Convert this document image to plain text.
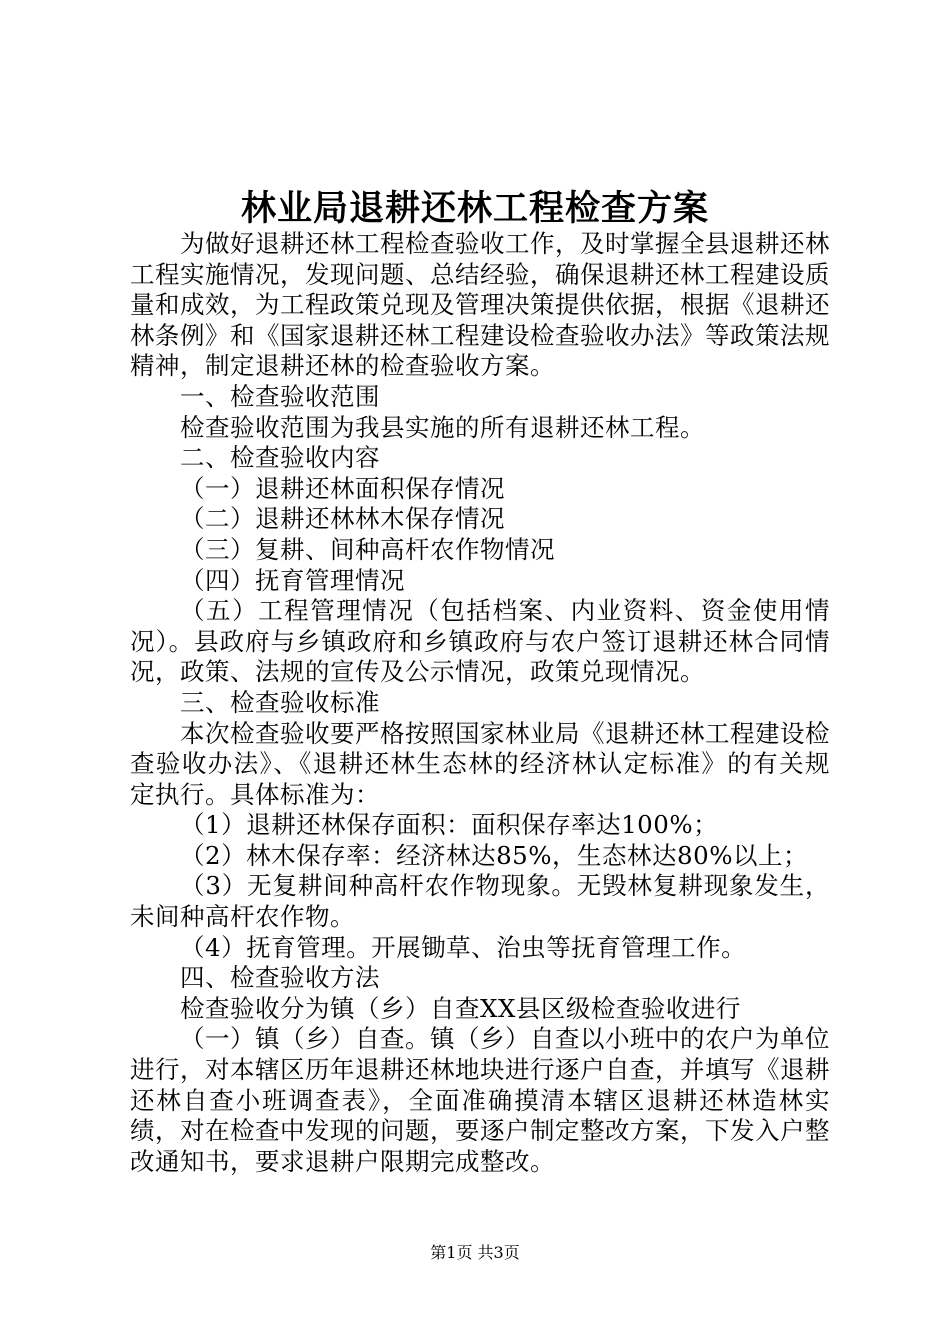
林业局退耕还林工程检查方案

为做好退耕还林工程检查验收工作，及时掌握全县退耕还林工程实施情况，发现问题、总结经验，确保退耕还林工程建设质量和成效，为工程政策兑现及管理决策提供依据，根据《退耕还林条例》和《国家退耕还林工程建设检查验收办法》等政策法规精神，制定退耕还林的检查验收方案。

一、检查验收范围

检查验收范围为我县实施的所有退耕还林工程。

二、检查验收内容

（一）退耕还林面积保存情况

（二）退耕还林林木保存情况

（三）复耕、间种高杆农作物情况

（四）抚育管理情况

（五）工程管理情况（包括档案、内业资料、资金使用情况）。县政府与乡镇政府和乡镇政府与农户签订退耕还林合同情况，政策、法规的宣传及公示情况，政策兑现情况。

三、检查验收标准

本次检查验收要严格按照国家林业局《退耕还林工程建设检查验收办法》、《退耕还林生态林的经济林认定标准》的有关规定执行。具体标准为：

（1）退耕还林保存面积：面积保存率达100%；

（2）林木保存率：经济林达85%，生态林达80%以上；

（3）无复耕间种高杆农作物现象。无毁林复耕现象发生，未间种高杆农作物。

（4）抚育管理。开展锄草、治虫等抚育管理工作。

四、检查验收方法

检查验收分为镇（乡）自查XX县区级检查验收进行

（一）镇（乡）自查。镇（乡）自查以小班中的农户为单位进行，对本辖区历年退耕还林地块进行逐户自查，并填写《退耕还林自查小班调查表》，全面准确摸清本辖区退耕还林造林实绩，对在检查中发现的问题，要逐户制定整改方案，下发入户整改通知书，要求退耕户限期完成整改。

第1页 共3页
